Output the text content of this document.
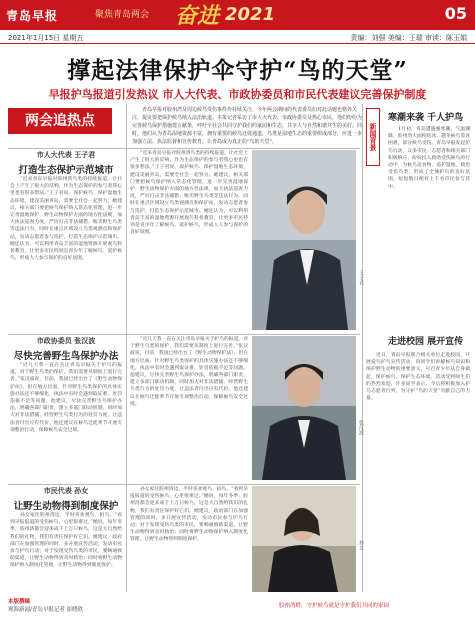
青岛早报	聚焦青岛两会 奋进 2021	05
2021年1月15日 星期五	责编：刘强 美编：王瑞 审读：陈玉娟
撑起法律保护伞守护“鸟的天堂”
早报护鸟报道引发热议 市人大代表、市政协委员和市民代表建议完善保护制度
两会追热点
青岛早报对胶州湾及周边候鸟受伤事件作持续关注，今年两会期间的代表委员们对此话题也格外关注，提议要把保护候鸟纳入法治轨道。本报记者采访了市人大代表、市政协委员及热心市民，他们纷纷为完善候鸟保护措施建言献策，呼吁全社会共同守护我们的家园和生态，共享人与自然和谐共生的美好。同时，他们认为青岛湿地资源丰富，拥有重要的候鸟迁徙通道，鸟类是湿地生态的重要组成部分，应进一步加强立法、执法监督和宣传教育，让青岛成为真正的“鸟的天堂”。
市人大代表 王子君
打造生态保护示范城市
“近来青岛早报对胶州湾鸟类的持续报道，让社会上产生了很大的反响，作为生态保护的参与者我心里也有很多想法。”王子君说，保护候鸟、保护湿地生态环境，建设美丽青岛，需要全社会一起努力。她建议，相关部门要把候鸟保护纳入常态化管理，进一步完善湿地保护、野生动物保护方面的地方性法规，加大执法巡查力度，严厉打击非法捕猎、贩卖野生鸟类等违法行为，同时在重点区域设立鸟类观测点和保护站，发动志愿者参与巡护，打造生态保护示范城市。她还认为，可以利用青岛丰富的湿地资源开展观鸟科普教育，让更多市民特别是青少年了解候鸟、爱护候鸟，形成人人参与保护的良好氛围。
“近来青岛早报对胶州湾鸟类的持续报道，让社会上产生了很大的反响，作为生态保护的参与者我心里也有很多想法。”王子君说，保护候鸟、保护湿地生态环境，建设美丽青岛，需要全社会一起努力。她建议，相关部门要把候鸟保护纳入常态化管理，进一步完善湿地保护、野生动物保护方面的地方性法规，加大执法巡查力度，严厉打击非法捕猎、贩卖野生鸟类等违法行为，同时在重点区域设立鸟类观测点和保护站，发动志愿者参与巡护，打造生态保护示范城市。她还认为，可以利用青岛丰富的湿地资源开展观鸟科普教育，让更多市民特别是青少年了解候鸟、爱护候鸟，形成人人参与保护的良好氛围。
王子君
市政协委员 张汉波
尽快完善野生鸟保护办法
“近几天我一直在关注青岛早报关于护鸟的报道，对于野生鸟类的保护，我们需要从制度上进行完善。”张汉波说，目前，我国已经出台了《野生动物保护法》，但在地方层面，针对野生鸟类保护的具体实施办法还不够细化，执法中有时会遇到取证难、处罚依据不足等问题。他建议，尽快完善野生鸟保护办法，明确各部门职责，建立多部门联动机制，同时加大对非法猎捕、经营野生鸟类行为的处罚力度，让违法者付出应有代价。他还建议在候鸟迁徙季节开展专项整治行动，保障候鸟安全过境。
“近几天我一直在关注青岛早报关于护鸟的报道，对于野生鸟类的保护，我们需要从制度上进行完善。”张汉波说，目前，我国已经出台了《野生动物保护法》，但在地方层面，针对野生鸟类保护的具体实施办法还不够细化，执法中有时会遇到取证难、处罚依据不足等问题。他建议，尽快完善野生鸟保护办法，明确各部门职责，建立多部门联动机制，同时加大对非法猎捕、经营野生鸟类行为的处罚力度，让违法者付出应有代价。他还建议在候鸟迁徙季节开展专项整治行动，保障候鸟安全过境。
张汉波
市民代表 孙女
让野生动物得到制度保护
孙女家住胶州湾边，平时喜欢观鸟、拍鸟。“看到早报报道的受伤候鸟，心里很难过。”她说，每年冬季，胶州湾都会迎来成千上万只候鸟，这是大自然给我们的礼物，我们有责任保护好它们。她建议，政府部门在加强管理的同时，多开展宣传活动，发动市民参与护鸟行动；对于发现受伤鸟类的市民，要畅通救助渠道，让野生动物得到及时救治；同时将野生动物保护纳入制度化管理，让野生动物得到制度保护。
孙女家住胶州湾边，平时喜欢观鸟、拍鸟。“看到早报报道的受伤候鸟，心里很难过。”她说，每年冬季，胶州湾都会迎来成千上万只候鸟，这是大自然给我们的礼物，我们有责任保护好它们。她建议，政府部门在加强管理的同时，多开展宣传活动，发动市民参与护鸟行动；对于发现受伤鸟类的市民，要畅通救助渠道，让野生动物得到及时救治；同时将野生动物保护纳入制度化管理，让野生动物得到制度保护。
孙女
新闻背景
寒潮来袭 千人护鸟
1月初，青岛遭遇强寒潮，气温骤降，胶州湾大面积结冰，越冬候鸟觅食困难，部分候鸟受伤。青岛早报发起护鸟行动，众多市民、志愿者和相关部门积极响应，纷纷投入救助受伤候鸟的行动中，为候鸟送食物、巡护湿地，救治受伤鸟类，形成了全城护鸟的良好氛围，短短数日便有上千名市民参与其中。
走进校园 展开宣传
近日，青岛早报联合相关单位走进校园，开展爱鸟护鸟宣传活动，向同学们讲解候鸟知识和保护野生动物的重要意义，号召青少年从自身做起，保护候鸟，保护生态环境。活动受到师生们的热烈欢迎，许多同学表示，今后将积极加入护鸟志愿者行列，为守护“鸟的天堂”贡献自己的力量。
本版撰稿
观海新闻/青岛早报记者 崔晓欣
胶州湾畔，守护候鸟就是守护我们共同的家园
